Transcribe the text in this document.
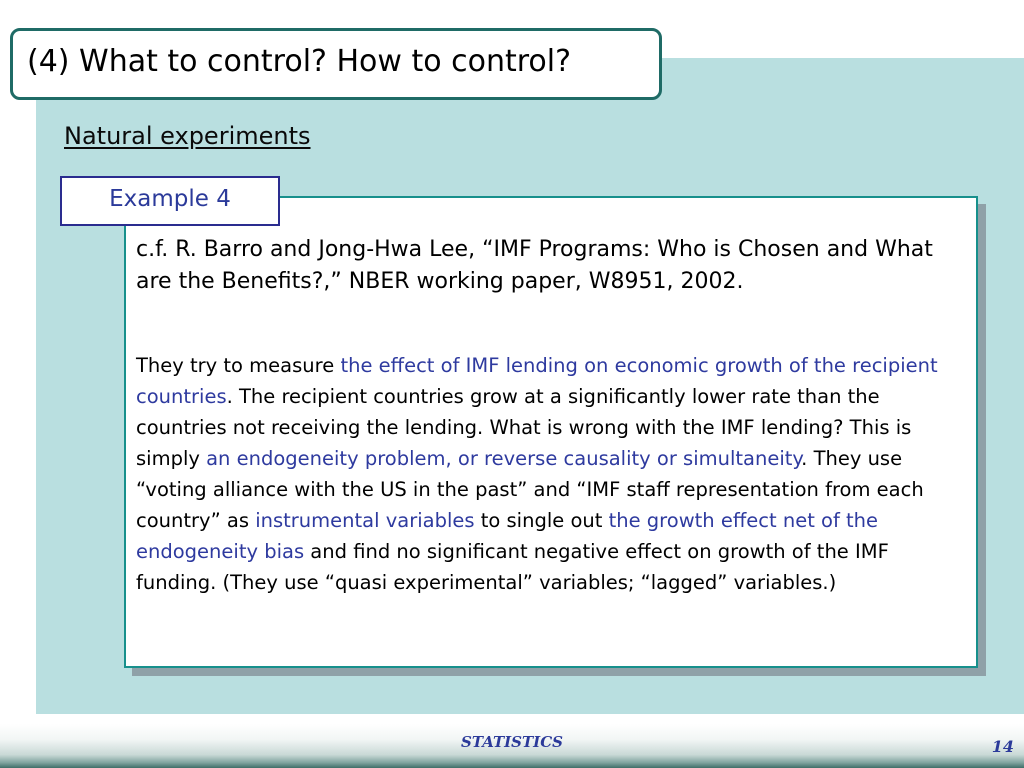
(4) What to control? How to control?
Natural experiments
Example 4

c.f. R. Barro and Jong-Hwa Lee, “IMF Programs: Who is Chosen and What are the Benefits?,” NBER working paper, W8951, 2002.

They try to measure the effect of IMF lending on economic growth of the recipient countries. The recipient countries grow at a significantly lower rate than the countries not receiving the lending. What is wrong with the IMF lending? This is simply an endogeneity problem, or reverse causality or simultaneity. They use “voting alliance with the US in the past” and “IMF staff representation from each country” as instrumental variables to single out the growth effect net of the endogeneity bias and find no significant negative effect on growth of the IMF funding. (They use “quasi experimental” variables; “lagged” variables.)

STATISTICS	14
